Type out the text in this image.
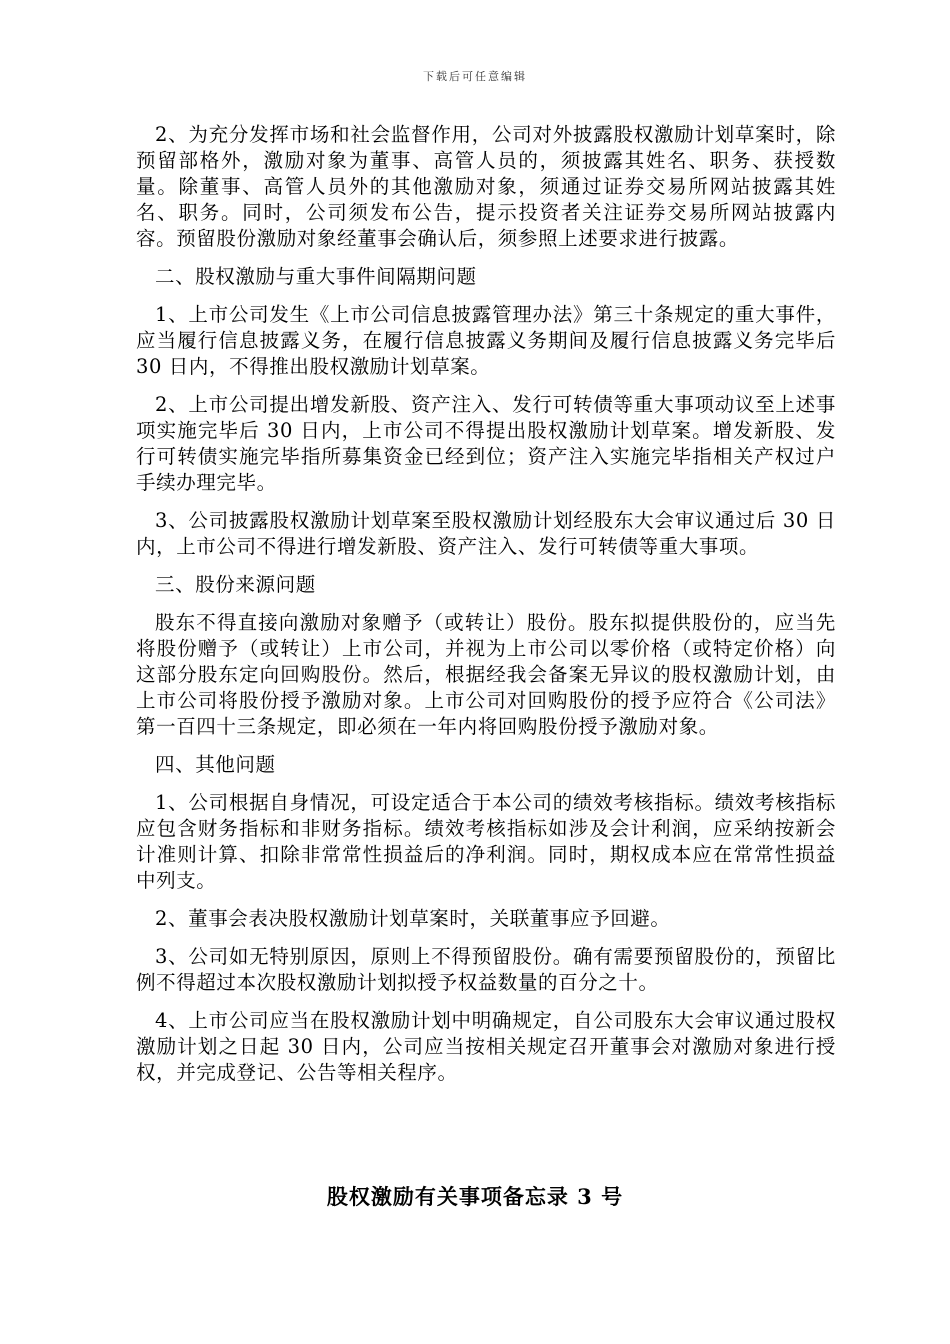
下载后可任意编辑

2、为充分发挥市场和社会监督作用，公司对外披露股权激励计划草案时，除预留部格外，激励对象为董事、高管人员的，须披露其姓名、职务、获授数量。除董事、高管人员外的其他激励对象，须通过证券交易所网站披露其姓名、职务。同时，公司须发布公告，提示投资者关注证券交易所网站披露内容。预留股份激励对象经董事会确认后，须参照上述要求进行披露。

二、股权激励与重大事件间隔期问题

1、上市公司发生《上市公司信息披露管理办法》第三十条规定的重大事件，应当履行信息披露义务，在履行信息披露义务期间及履行信息披露义务完毕后 30 日内，不得推出股权激励计划草案。

2、上市公司提出增发新股、资产注入、发行可转债等重大事项动议至上述事项实施完毕后 30 日内，上市公司不得提出股权激励计划草案。增发新股、发行可转债实施完毕指所募集资金已经到位；资产注入实施完毕指相关产权过户手续办理完毕。

3、公司披露股权激励计划草案至股权激励计划经股东大会审议通过后 30 日内，上市公司不得进行增发新股、资产注入、发行可转债等重大事项。

三、股份来源问题

股东不得直接向激励对象赠予（或转让）股份。股东拟提供股份的，应当先将股份赠予（或转让）上市公司，并视为上市公司以零价格（或特定价格）向这部分股东定向回购股份。然后，根据经我会备案无异议的股权激励计划，由上市公司将股份授予激励对象。上市公司对回购股份的授予应符合《公司法》第一百四十三条规定，即必须在一年内将回购股份授予激励对象。

四、其他问题

1、公司根据自身情况，可设定适合于本公司的绩效考核指标。绩效考核指标应包含财务指标和非财务指标。绩效考核指标如涉及会计利润，应采纳按新会计准则计算、扣除非常常性损益后的净利润。同时，期权成本应在常常性损益中列支。

2、董事会表决股权激励计划草案时，关联董事应予回避。

3、公司如无特别原因，原则上不得预留股份。确有需要预留股份的，预留比例不得超过本次股权激励计划拟授予权益数量的百分之十。

4、上市公司应当在股权激励计划中明确规定，自公司股东大会审议通过股权激励计划之日起 30 日内，公司应当按相关规定召开董事会对激励对象进行授权，并完成登记、公告等相关程序。

股权激励有关事项备忘录 3 号
